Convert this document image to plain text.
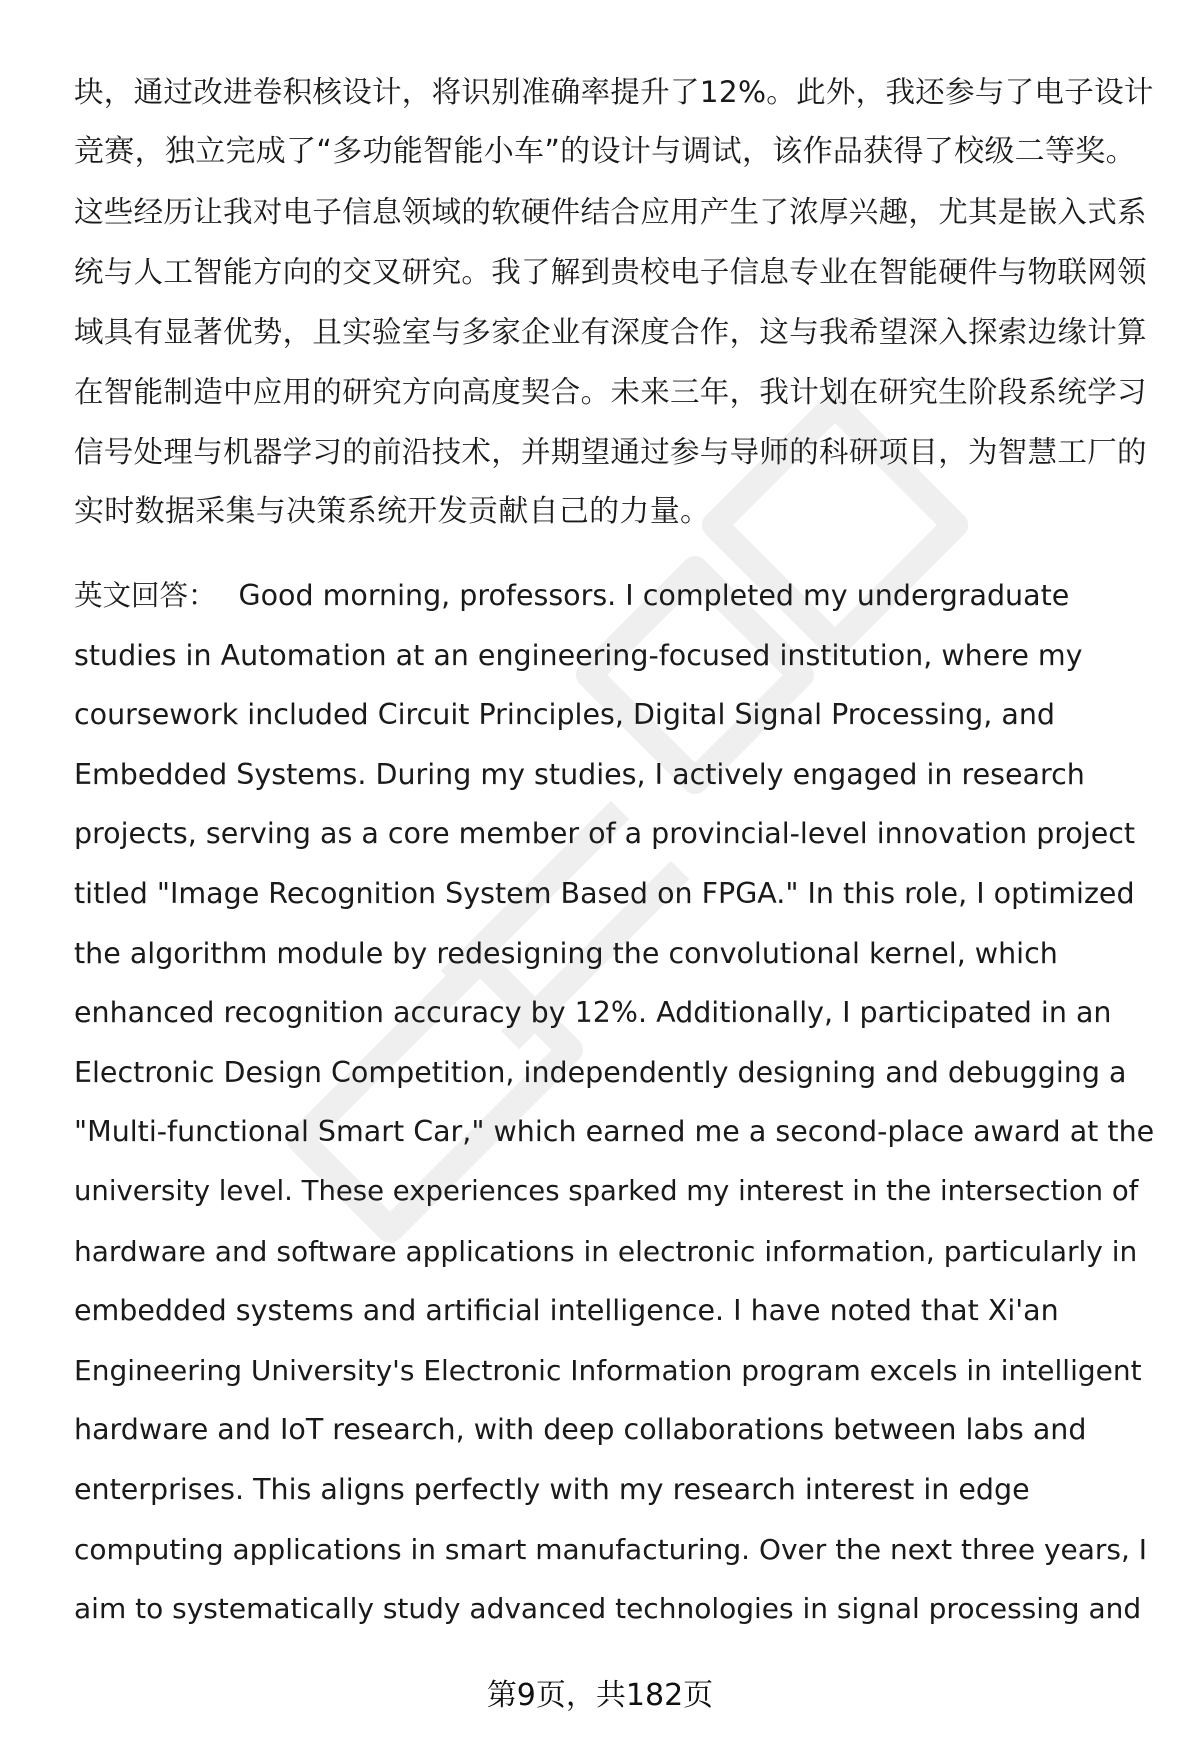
块，通过改进卷积核设计，将识别准确率提升了12%。此外，我还参与了电子设计
竞赛，独立完成了“多功能智能小车”的设计与调试，该作品获得了校级二等奖。
这些经历让我对电子信息领域的软硬件结合应用产生了浓厚兴趣，尤其是嵌入式系
统与人工智能方向的交叉研究。我了解到贵校电子信息专业在智能硬件与物联网领
域具有显著优势，且实验室与多家企业有深度合作，这与我希望深入探索边缘计算
在智能制造中应用的研究方向高度契合。未来三年，我计划在研究生阶段系统学习
信号处理与机器学习的前沿技术，并期望通过参与导师的科研项目，为智慧工厂的
实时数据采集与决策系统开发贡献自己的力量。
英文回答： Good morning, professors. I completed my undergraduate
studies in Automation at an engineering-focused institution, where my
coursework included Circuit Principles, Digital Signal Processing, and
Embedded Systems. During my studies, I actively engaged in research
projects, serving as a core member of a provincial-level innovation project
titled "Image Recognition System Based on FPGA." In this role, I optimized
the algorithm module by redesigning the convolutional kernel, which
enhanced recognition accuracy by 12%. Additionally, I participated in an
Electronic Design Competition, independently designing and debugging a
"Multi-functional Smart Car," which earned me a second-place award at the
university level. These experiences sparked my interest in the intersection of
hardware and software applications in electronic information, particularly in
embedded systems and artificial intelligence. I have noted that Xi'an
Engineering University's Electronic Information program excels in intelligent
hardware and IoT research, with deep collaborations between labs and
enterprises. This aligns perfectly with my research interest in edge
computing applications in smart manufacturing. Over the next three years, I
aim to systematically study advanced technologies in signal processing and
第9页，共182页
